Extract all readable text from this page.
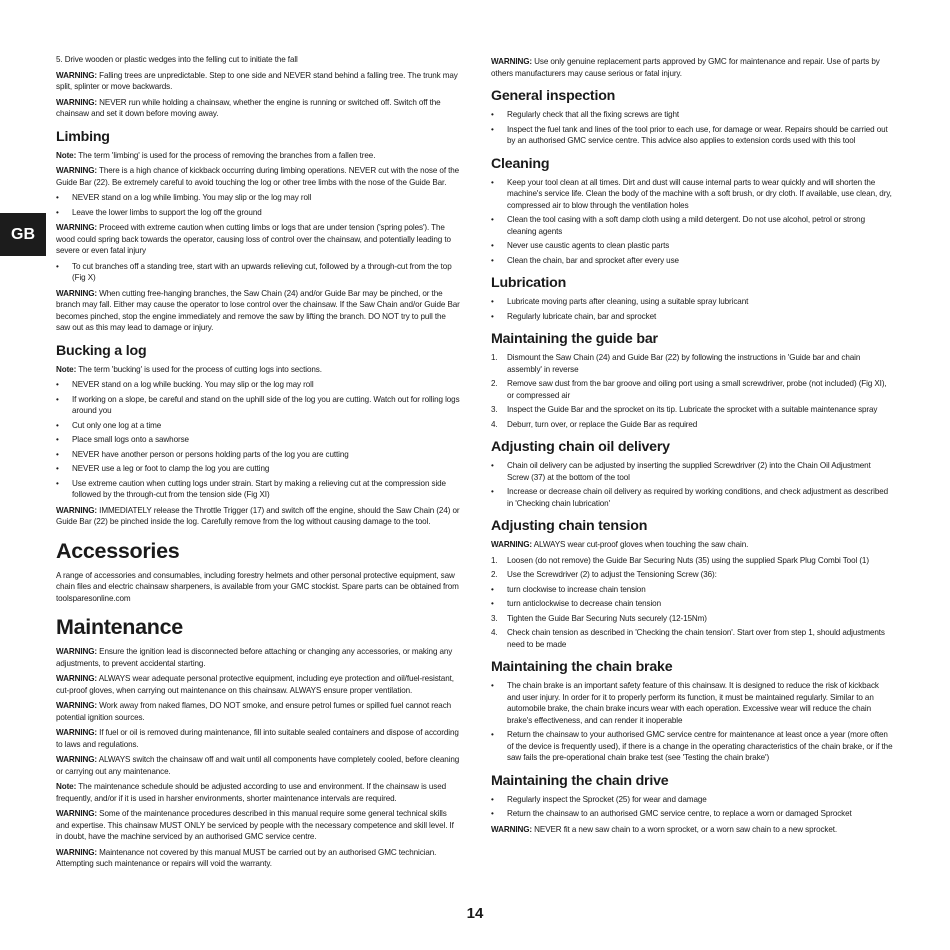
GB

5. Drive wooden or plastic wedges into the felling cut to initiate the fall

WARNING: Falling trees are unpredictable. Step to one side and NEVER stand behind a falling tree. The trunk may split, splinter or move backwards.

WARNING: NEVER run while holding a chainsaw, whether the engine is running or switched off. Switch off the chainsaw and set it down before moving away.

Limbing

Note: The term 'limbing' is used for the process of removing the branches from a fallen tree.

WARNING: There is a high chance of kickback occurring during limbing operations. NEVER cut with the nose of the Guide Bar (22). Be extremely careful to avoid touching the log or other tree limbs with the nose of the Guide Bar.

• NEVER stand on a log while limbing. You may slip or the log may roll
• Leave the lower limbs to support the log off the ground

WARNING: Proceed with extreme caution when cutting limbs or logs that are under tension ('spring poles'). The wood could spring back towards the operator, causing loss of control over the chainsaw, and potentially leading to severe or even fatal injury

• To cut branches off a standing tree, start with an upwards relieving cut, followed by a through-cut from the top (Fig X)

WARNING: When cutting free-hanging branches, the Saw Chain (24) and/or Guide Bar may be pinched, or the branch may fall. Either may cause the operator to lose control over the chainsaw. If the Saw Chain and/or Guide Bar becomes pinched, stop the engine immediately and remove the saw by lifting the branch. DO NOT try to pull the saw out as this may lead to damage or injury.

Bucking a log

Note: The term 'bucking' is used for the process of cutting logs into sections.

• NEVER stand on a log while bucking. You may slip or the log may roll
• If working on a slope, be careful and stand on the uphill side of the log you are cutting. Watch out for rolling logs around you
• Cut only one log at a time
• Place small logs onto a sawhorse
• NEVER have another person or persons holding parts of the log you are cutting
• NEVER use a leg or foot to clamp the log you are cutting
• Use extreme caution when cutting logs under strain. Start by making a relieving cut at the compression side followed by the through-cut from the tension side (Fig XI)

WARNING: IMMEDIATELY release the Throttle Trigger (17) and switch off the engine, should the Saw Chain (24) or Guide Bar (22) be pinched inside the log. Carefully remove from the log without causing damage to the tool.

Accessories

A range of accessories and consumables, including forestry helmets and other personal protective equipment, saw chain files and electric chainsaw sharpeners, is available from your GMC stockist. Spare parts can be obtained from toolsparesonline.com

Maintenance

WARNING: Ensure the ignition lead is disconnected before attaching or changing any accessories, or making any adjustments, to prevent accidental starting.

WARNING: ALWAYS wear adequate personal protective equipment, including eye protection and oil/fuel-resistant, cut-proof gloves, when carrying out maintenance on this chainsaw. ALWAYS ensure proper ventilation.

WARNING: Work away from naked flames, DO NOT smoke, and ensure petrol fumes or spilled fuel cannot reach potential ignition sources.

WARNING: If fuel or oil is removed during maintenance, fill into suitable sealed containers and dispose of according to laws and regulations.

WARNING: ALWAYS switch the chainsaw off and wait until all components have completely cooled, before cleaning or carrying out any maintenance.

Note: The maintenance schedule should be adjusted according to use and environment. If the chainsaw is used frequently, and/or if it is used in harsher environments, shorter maintenance intervals are required.

WARNING: Some of the maintenance procedures described in this manual require some general technical skills and expertise. This chainsaw MUST ONLY be serviced by people with the necessary competence and skill level. If in doubt, have the machine serviced by an authorised GMC service centre.

WARNING: Maintenance not covered by this manual MUST be carried out by an authorised GMC technician. Attempting such maintenance or repairs will void the warranty.

WARNING: Use only genuine replacement parts approved by GMC for maintenance and repair. Use of parts by others manufacturers may cause serious or fatal injury.

General inspection
• Regularly check that all the fixing screws are tight
• Inspect the fuel tank and lines of the tool prior to each use, for damage or wear. Repairs should be carried out by an authorised GMC service centre. This advice also applies to extension cords used with this tool
Cleaning
• Keep your tool clean at all times. Dirt and dust will cause internal parts to wear quickly and will shorten the machine's service life. Clean the body of the machine with a soft brush, or dry cloth. If available, use clean, dry, compressed air to blow through the ventilation holes
• Clean the tool casing with a soft damp cloth using a mild detergent. Do not use alcohol, petrol or strong cleaning agents
• Never use caustic agents to clean plastic parts
• Clean the chain, bar and sprocket after every use
Lubrication
• Lubricate moving parts after cleaning, using a suitable spray lubricant
• Regularly lubricate chain, bar and sprocket
Maintaining the guide bar
1. Dismount the Saw Chain (24) and Guide Bar (22) by following the instructions in 'Guide bar and chain assembly' in reverse
2. Remove saw dust from the bar groove and oiling port using a small screwdriver, probe (not included) (Fig XI), or compressed air
3. Inspect the Guide Bar and the sprocket on its tip. Lubricate the sprocket with a suitable maintenance spray
4. Deburr, turn over, or replace the Guide Bar as required
Adjusting chain oil delivery
• Chain oil delivery can be adjusted by inserting the supplied Screwdriver (2) into the Chain Oil Adjustment Screw (37) at the bottom of the tool
• Increase or decrease chain oil delivery as required by working conditions, and check adjustment as described in 'Checking chain lubrication'
Adjusting chain tension

WARNING: ALWAYS wear cut-proof gloves when touching the saw chain.

1. Loosen (do not remove) the Guide Bar Securing Nuts (35) using the supplied Spark Plug Combi Tool (1)
2. Use the Screwdriver (2) to adjust the Tensioning Screw (36):
• turn clockwise to increase chain tension
• turn anticlockwise to decrease chain tension
3. Tighten the Guide Bar Securing Nuts securely (12-15Nm)
4. Check chain tension as described in 'Checking the chain tension'. Start over from step 1, should adjustments need to be made
Maintaining the chain brake
• The chain brake is an important safety feature of this chainsaw. It is designed to reduce the risk of kickback and user injury. In order for it to properly perform its function, it must be maintained regularly. Similar to an automobile brake, the chain brake incurs wear with each operation. Excessive wear will reduce the chain brake's effectiveness, and can render it inoperable
• Return the chainsaw to your authorised GMC service centre for maintenance at least once a year (more often of the device is frequently used), if there is a change in the operating characteristics of the chain brake, or if the saw fails the pre-operational chain brake test (see 'Testing the chain brake')
Maintaining the chain drive
• Regularly inspect the Sprocket (25) for wear and damage
• Return the chainsaw to an authorised GMC service centre, to replace a worn or damaged Sprocket

WARNING: NEVER fit a new saw chain to a worn sprocket, or a worn saw chain to a new sprocket.

14
